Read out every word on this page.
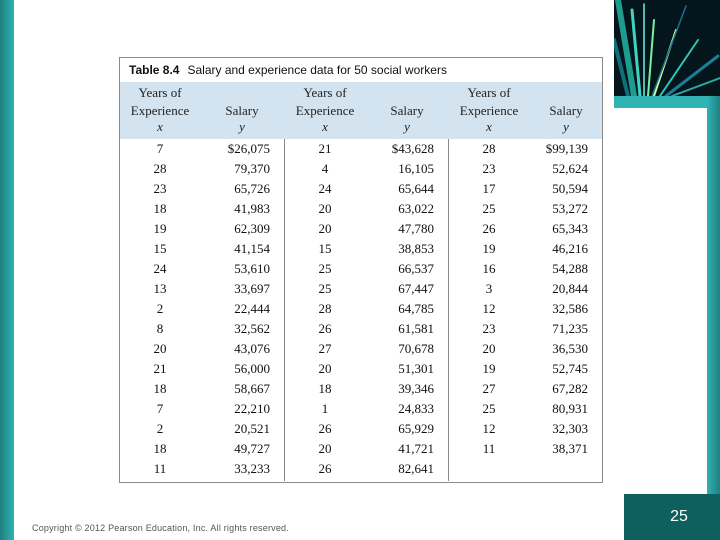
Table 8.4 Salary and experience data for 50 social workers
Years of		Years of		Years of	
Experience	Salary	Experience	Salary	Experience	Salary
x	y	x	y	x	y
7	$26,075	21	$43,628	28	$99,139
28	79,370	4	16,105	23	52,624
23	65,726	24	65,644	17	50,594
18	41,983	20	63,022	25	53,272
19	62,309	20	47,780	26	65,343
15	41,154	15	38,853	19	46,216
24	53,610	25	66,537	16	54,288
13	33,697	25	67,447	3	20,844
2	22,444	28	64,785	12	32,586
8	32,562	26	61,581	23	71,235
20	43,076	27	70,678	20	36,530
21	56,000	20	51,301	19	52,745
18	58,667	18	39,346	27	67,282
7	22,210	1	24,833	25	80,931
2	20,521	26	65,929	12	32,303
18	49,727	20	41,721	11	38,371
11	33,233	26	82,641		
Copyright © 2012 Pearson Education, Inc. All rights reserved.
25
